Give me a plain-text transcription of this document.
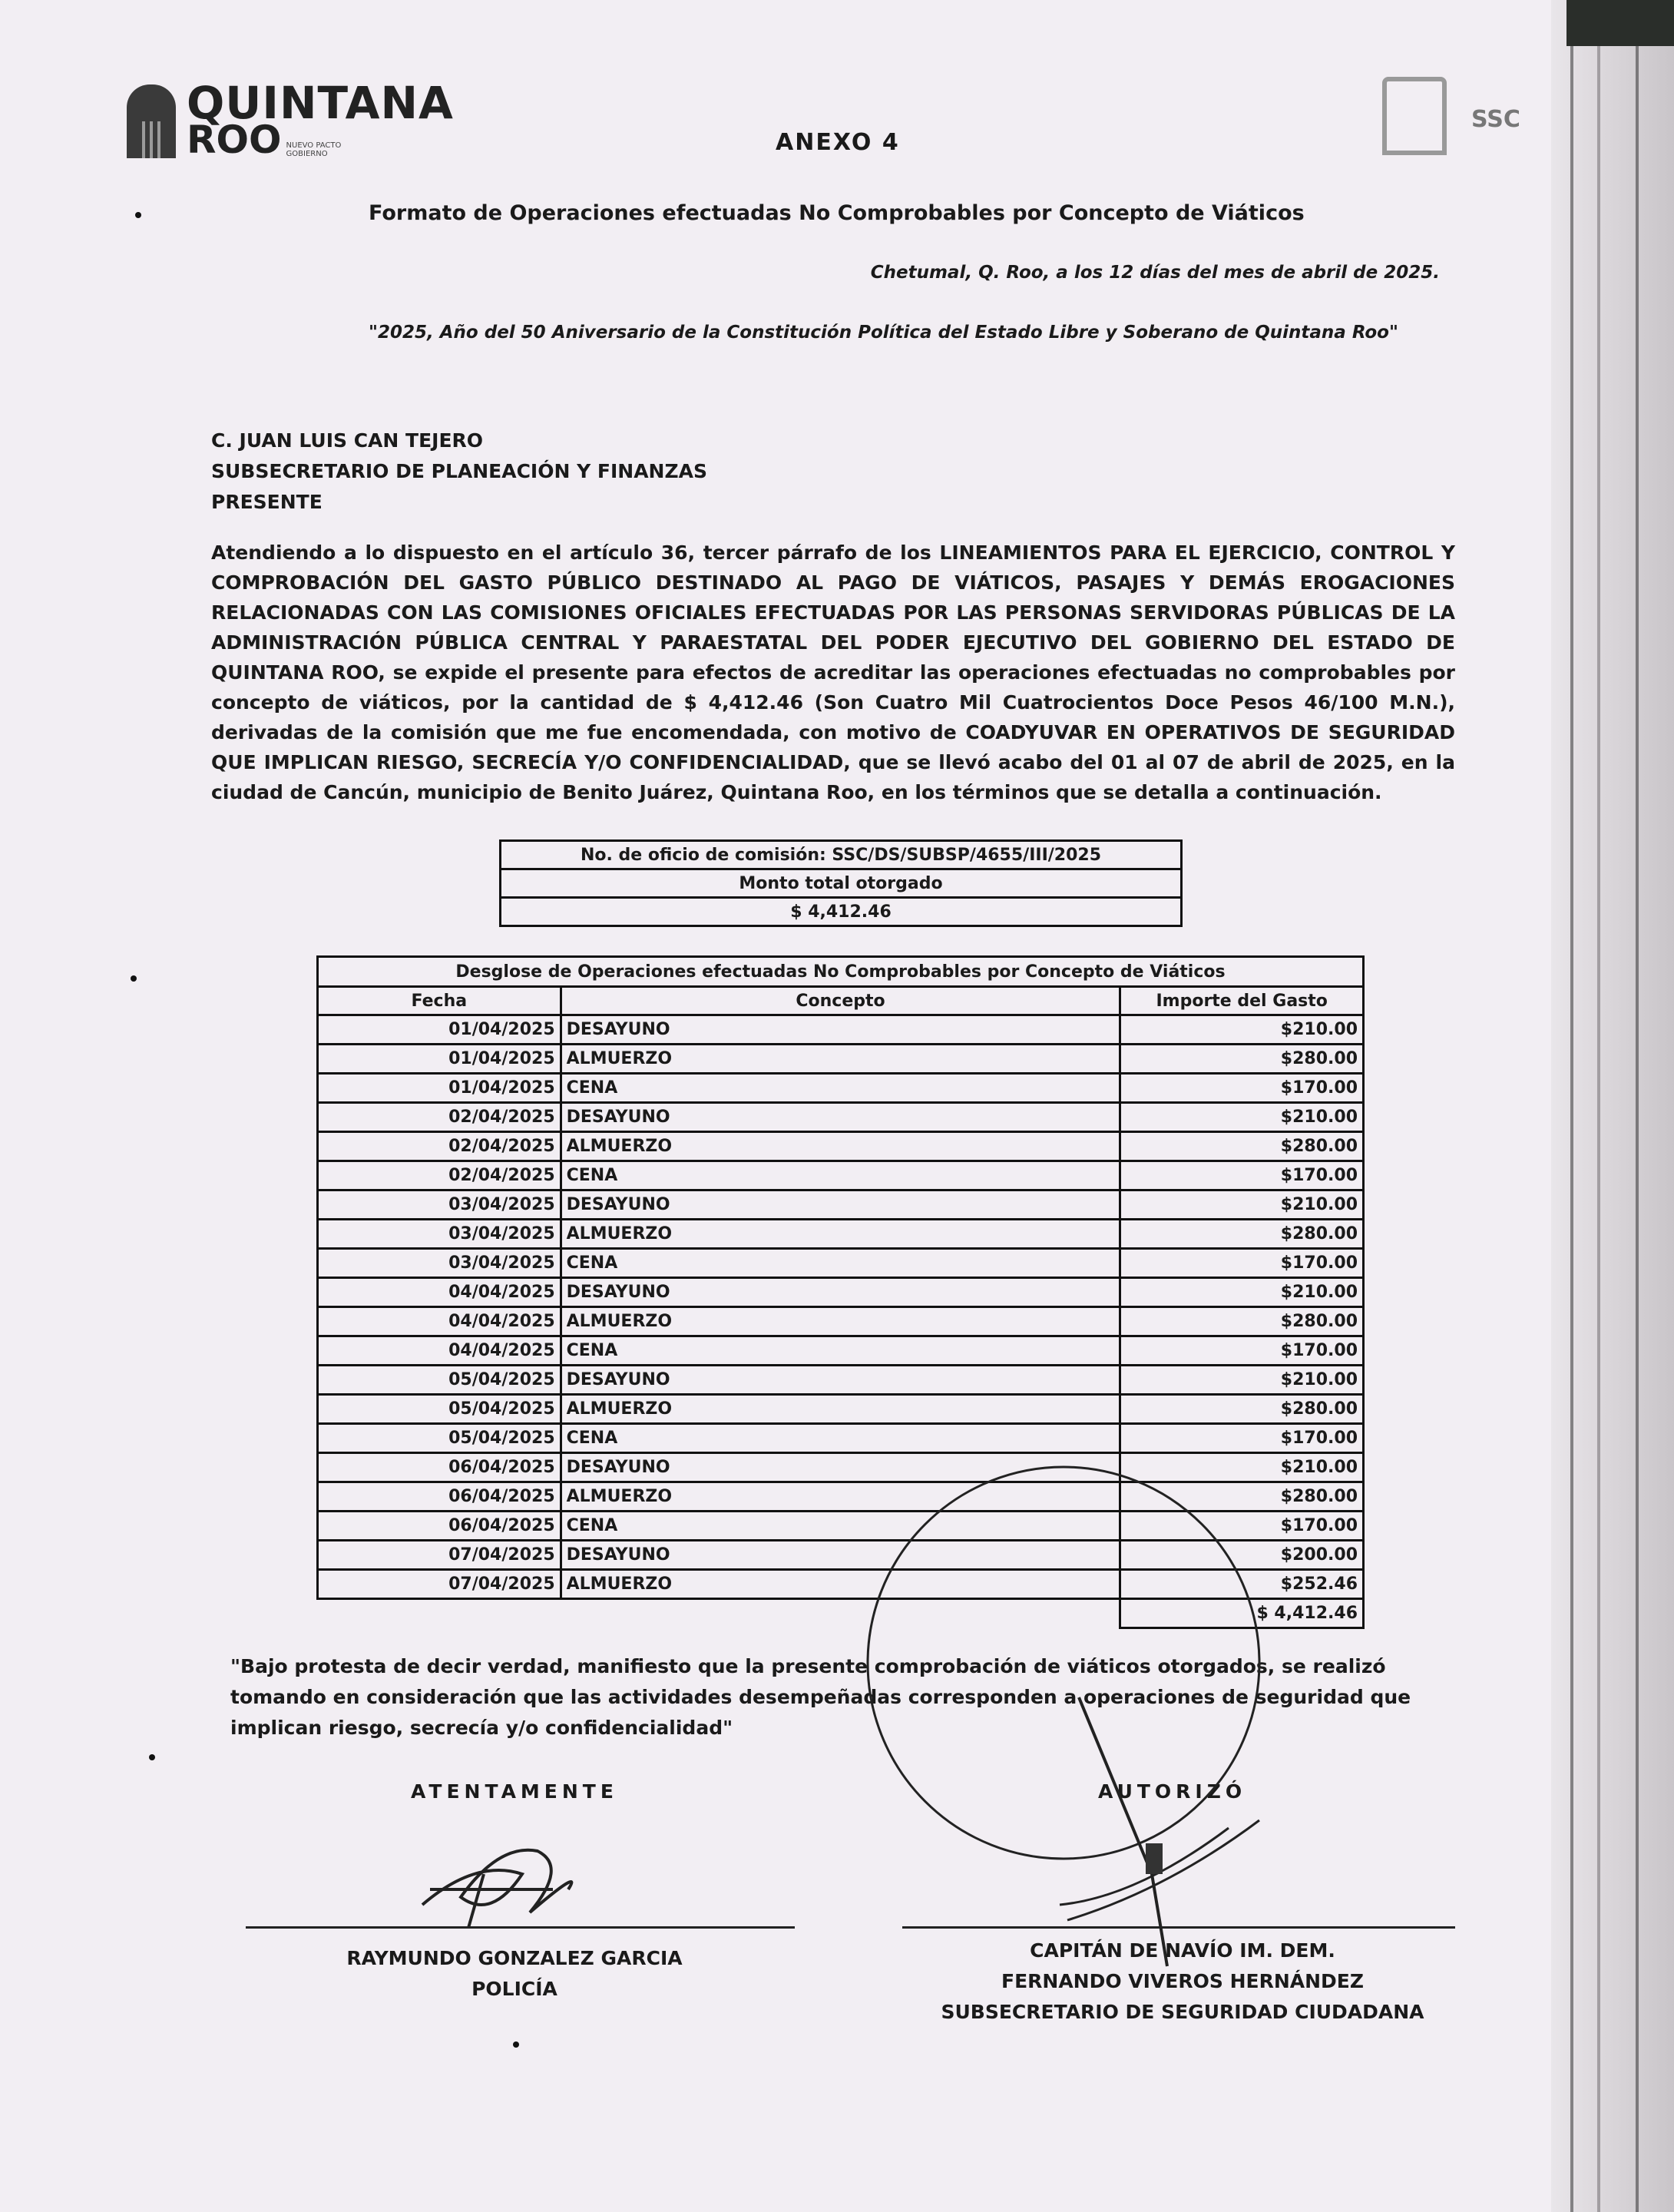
QUINTANA
ROO NUEVO PACTO GOBIERNO
SSC
ANEXO 4
Formato de Operaciones efectuadas No Comprobables por Concepto de Viáticos
Chetumal, Q. Roo, a los 12 días del mes de abril de 2025.
"2025, Año del 50 Aniversario de la Constitución Política del Estado Libre y Soberano de Quintana Roo"
C. JUAN LUIS CAN TEJERO
SUBSECRETARIO DE PLANEACIÓN Y FINANZAS
PRESENTE
Atendiendo a lo dispuesto en el artículo 36, tercer párrafo de los LINEAMIENTOS PARA EL EJERCICIO, CONTROL Y COMPROBACIÓN DEL GASTO PÚBLICO DESTINADO AL PAGO DE VIÁTICOS, PASAJES Y DEMÁS EROGACIONES RELACIONADAS CON LAS COMISIONES OFICIALES EFECTUADAS POR LAS PERSONAS SERVIDORAS PÚBLICAS DE LA ADMINISTRACIÓN PÚBLICA CENTRAL Y PARAESTATAL DEL PODER EJECUTIVO DEL GOBIERNO DEL ESTADO DE QUINTANA ROO, se expide el presente para efectos de acreditar las operaciones efectuadas no comprobables por concepto de viáticos, por la cantidad de $ 4,412.46 (Son Cuatro Mil Cuatrocientos Doce Pesos 46/100 M.N.), derivadas de la comisión que me fue encomendada, con motivo de COADYUVAR EN OPERATIVOS DE SEGURIDAD QUE IMPLICAN RIESGO, SECRECÍA Y/O CONFIDENCIALIDAD, que se llevó acabo del 01 al 07 de abril de 2025, en la ciudad de Cancún, municipio de Benito Juárez, Quintana Roo, en los términos que se detalla a continuación.
No. de oficio de comisión: SSC/DS/SUBSP/4655/III/2025
Monto total otorgado
$ 4,412.46
Desglose de Operaciones efectuadas No Comprobables por Concepto de Viáticos		
Fecha	Concepto	Importe del Gasto
01/04/2025	DESAYUNO	$210.00
01/04/2025	ALMUERZO	$280.00
01/04/2025	CENA	$170.00
02/04/2025	DESAYUNO	$210.00
02/04/2025	ALMUERZO	$280.00
02/04/2025	CENA	$170.00
03/04/2025	DESAYUNO	$210.00
03/04/2025	ALMUERZO	$280.00
03/04/2025	CENA	$170.00
04/04/2025	DESAYUNO	$210.00
04/04/2025	ALMUERZO	$280.00
04/04/2025	CENA	$170.00
05/04/2025	DESAYUNO	$210.00
05/04/2025	ALMUERZO	$280.00
05/04/2025	CENA	$170.00
06/04/2025	DESAYUNO	$210.00
06/04/2025	ALMUERZO	$280.00
06/04/2025	CENA	$170.00
07/04/2025	DESAYUNO	$200.00
07/04/2025	ALMUERZO	$252.46
		$ 4,412.46
"Bajo protesta de decir verdad, manifiesto que la presente comprobación de viáticos otorgados, se realizó tomando en consideración que las actividades desempeñadas corresponden a operaciones de seguridad que implican riesgo, secrecía y/o confidencialidad"
ATENTAMENTE	AUTORIZÓ
RAYMUNDO GONZALEZ GARCIA
POLICÍA
CAPITÁN DE NAVÍO IM. DEM.
FERNANDO VIVEROS HERNÁNDEZ
SUBSECRETARIO DE SEGURIDAD CIUDADANA
